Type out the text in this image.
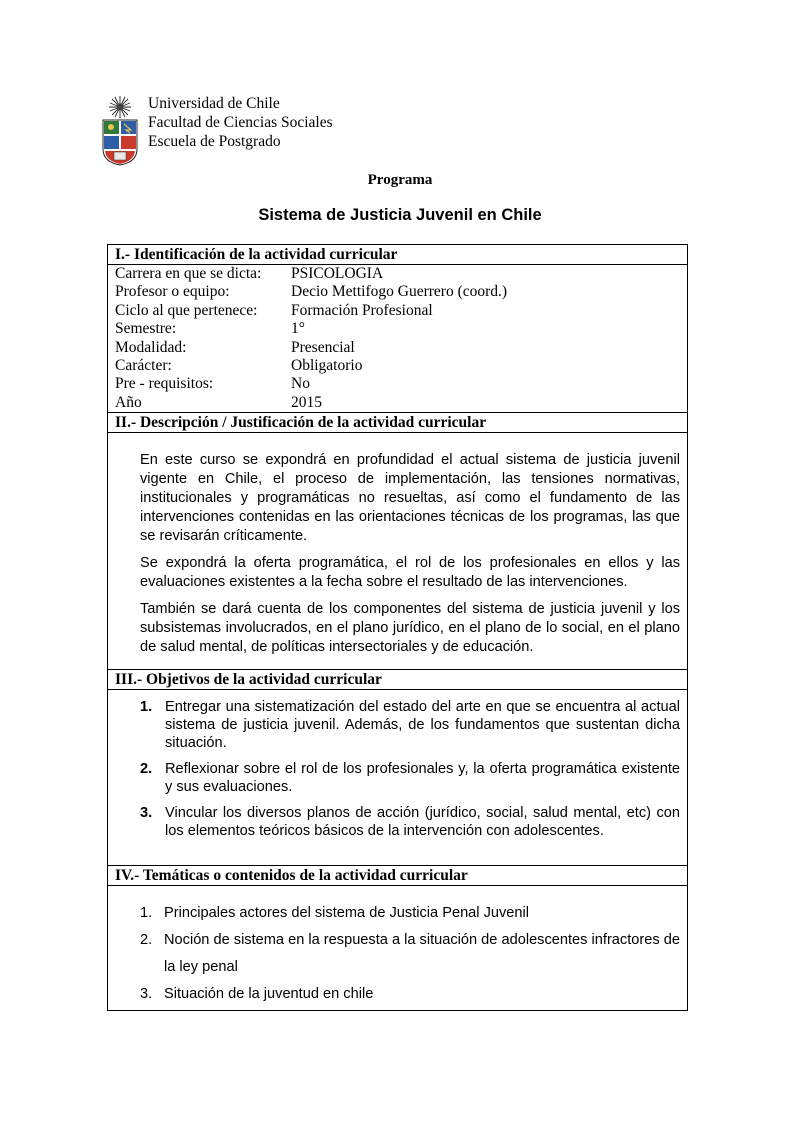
Universidad de Chile
Facultad de Ciencias Sociales
Escuela de Postgrado
Programa
Sistema de Justicia Juvenil en Chile
I.- Identificación de la actividad curricular
Carrera en que se dicta:	PSICOLOGIA
Profesor o equipo:	Decio Mettifogo Guerrero (coord.)
Ciclo al que pertenece:	Formación Profesional
Semestre:	1°
Modalidad:	Presencial
Carácter:	Obligatorio
Pre - requisitos:	No
Año	2015
II.- Descripción / Justificación de la actividad curricular

En este curso se expondrá en profundidad el actual sistema de justicia juvenil vigente en Chile, el proceso de implementación, las tensiones normativas, institucionales y programáticas no resueltas, así como el fundamento de las intervenciones contenidas en las orientaciones técnicas de los programas, las que se revisarán críticamente.

Se expondrá la oferta programática, el rol de los profesionales en ellos y las evaluaciones existentes a la fecha sobre el resultado de las intervenciones.

También se dará cuenta de los componentes del sistema de justicia juvenil y los subsistemas involucrados, en el plano jurídico, en el plano de lo social, en el plano de salud mental, de políticas intersectoriales y de educación.

III.- Objetivos de la actividad curricular
1. Entregar una sistematización del estado del arte en que se encuentra al actual sistema de justicia juvenil. Además, de los fundamentos que sustentan dicha situación.
2. Reflexionar sobre el rol de los profesionales y, la oferta programática existente y sus evaluaciones.
3. Vincular los diversos planos de acción (jurídico, social, salud mental, etc) con los elementos teóricos básicos de la intervención con adolescentes.
IV.- Temáticas o contenidos de la actividad curricular
1. Principales actores del sistema de Justicia Penal Juvenil
2. Noción de sistema en la respuesta a la situación de adolescentes infractores de la ley penal
3. Situación de la juventud en chile
